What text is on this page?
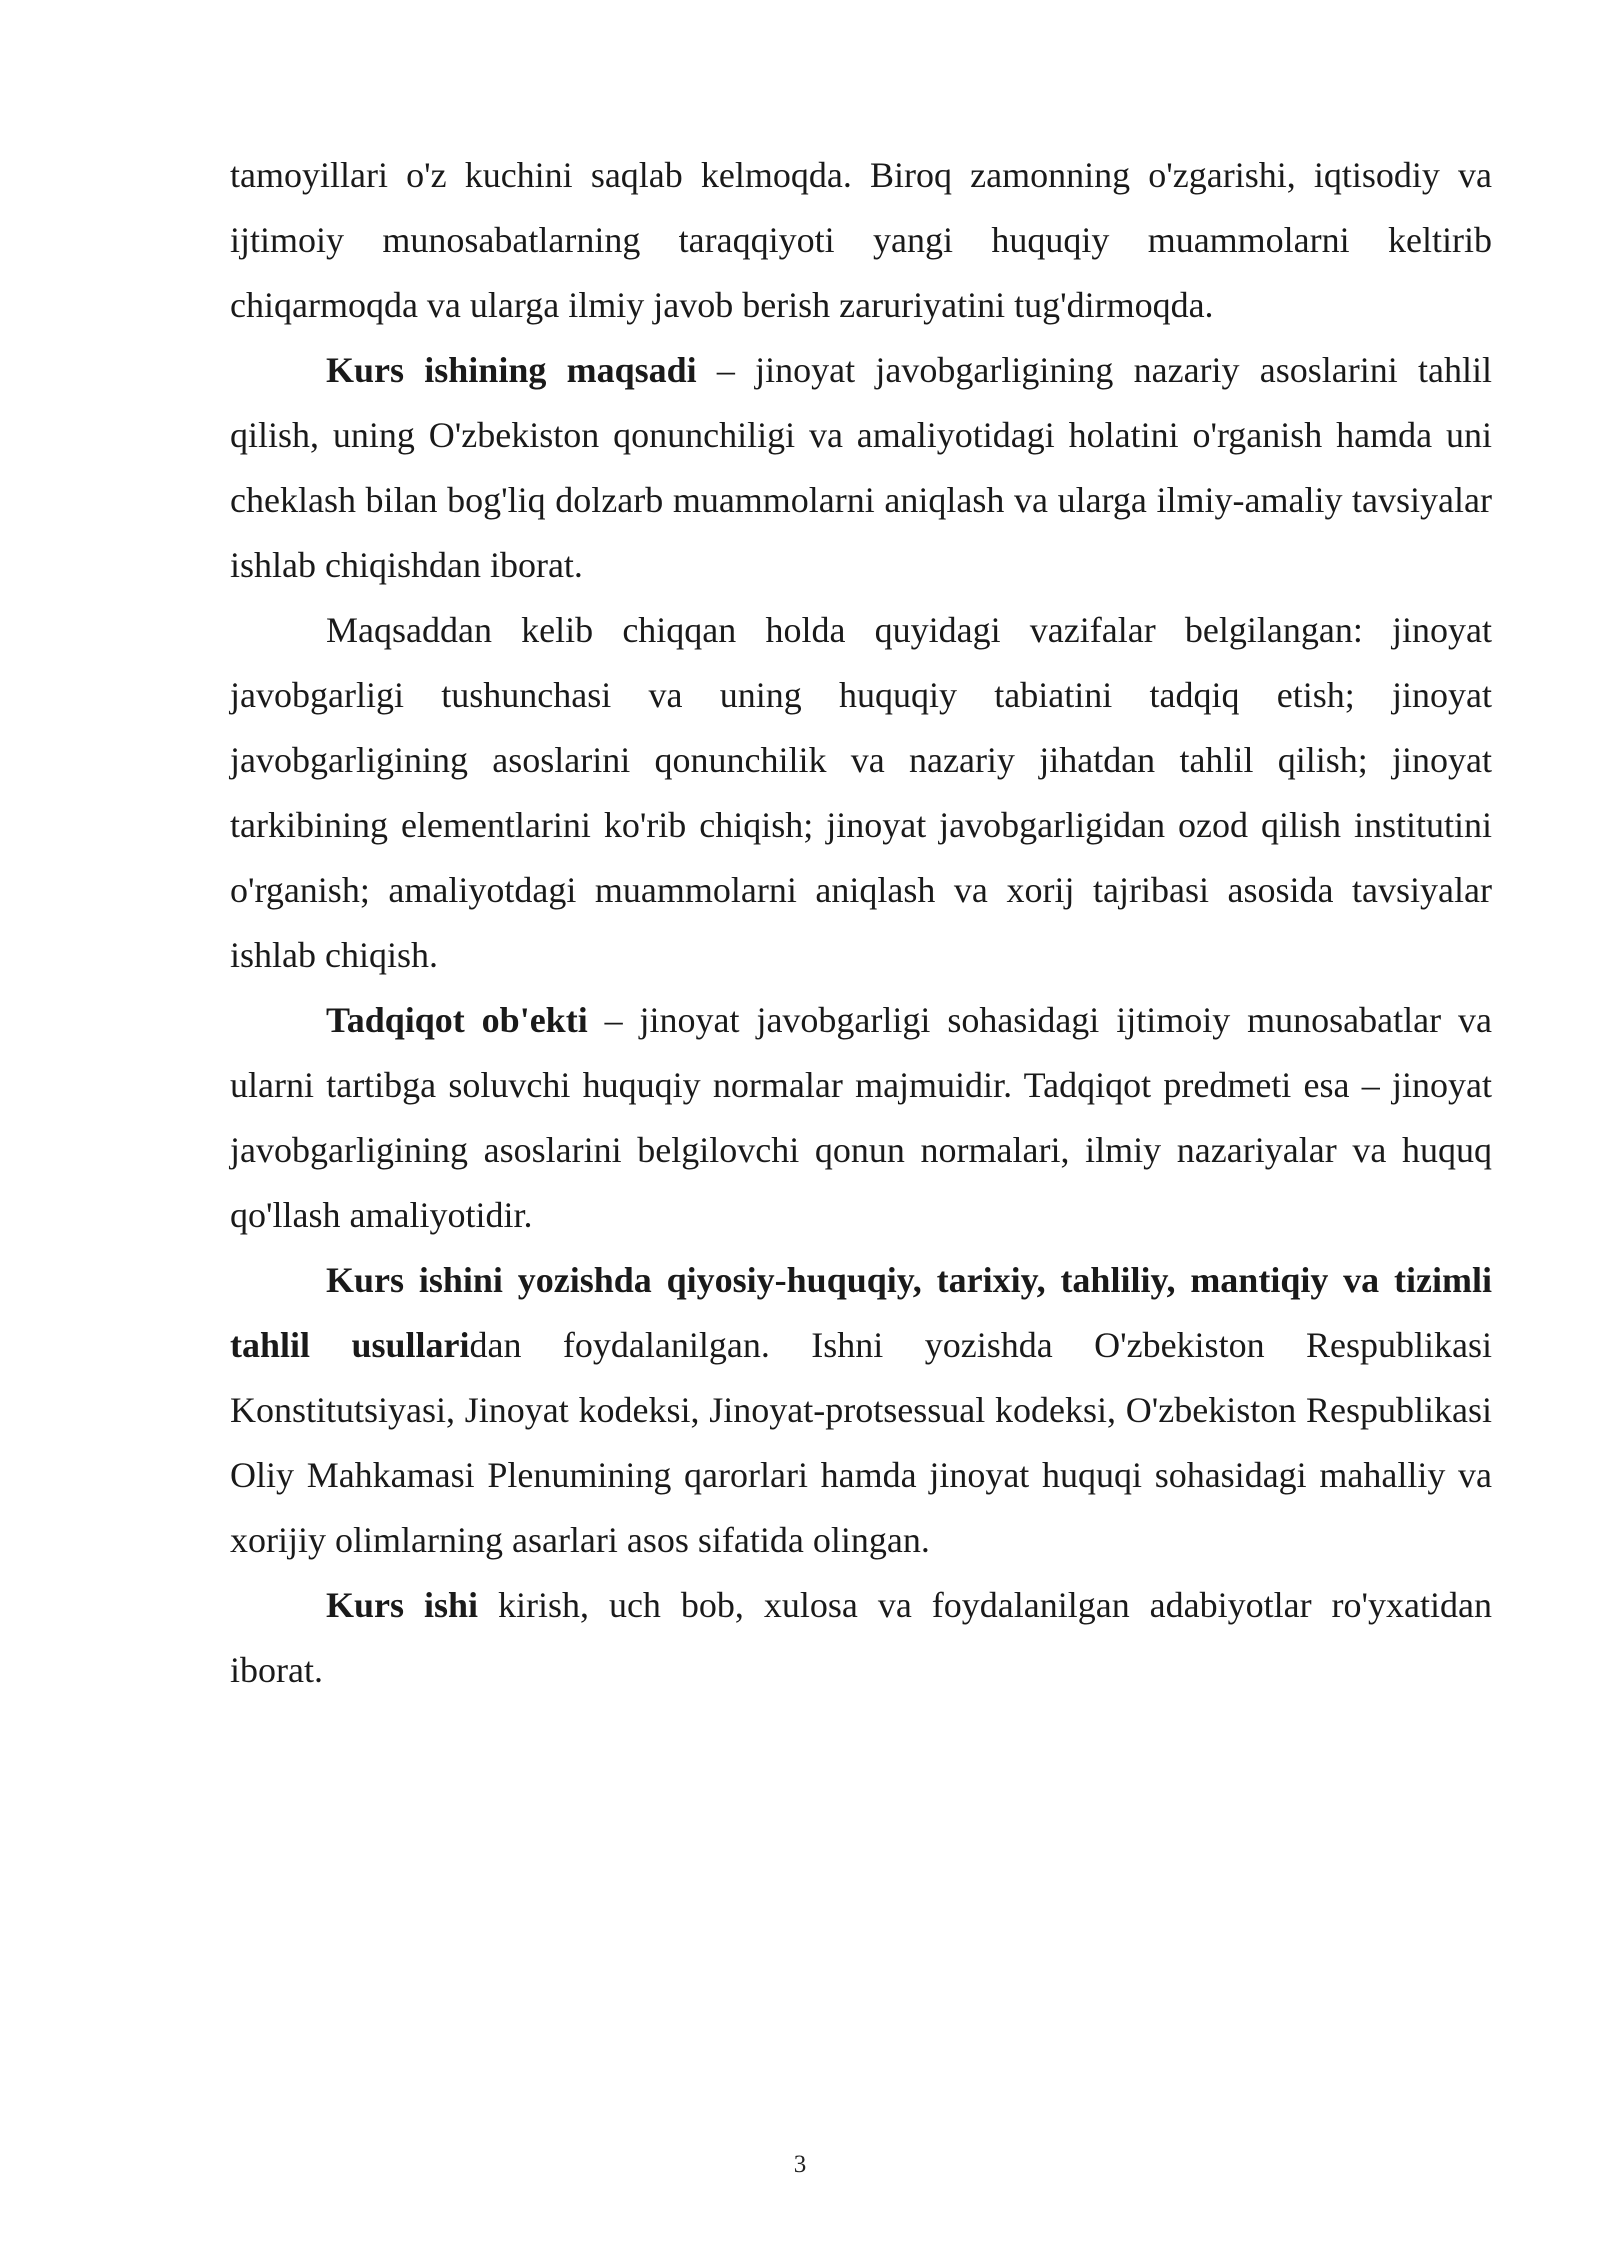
tamoyillari o'z kuchini saqlab kelmoqda. Biroq zamonning o'zgarishi, iqtisodiy va ijtimoiy munosabatlarning taraqqiyoti yangi huquqiy muammolarni keltirib chiqarmoqda va ularga ilmiy javob berish zaruriyatini tug'dirmoqda.

Kurs ishining maqsadi – jinoyat javobgarligining nazariy asoslarini tahlil qilish, uning O'zbekiston qonunchiligi va amaliyotidagi holatini o'rganish hamda uni cheklash bilan bog'liq dolzarb muammolarni aniqlash va ularga ilmiy-amaliy tavsiyalar ishlab chiqishdan iborat.

Maqsaddan kelib chiqqan holda quyidagi vazifalar belgilangan: jinoyat javobgarligi tushunchasi va uning huquqiy tabiatini tadqiq etish; jinoyat javobgarligining asoslarini qonunchilik va nazariy jihatdan tahlil qilish; jinoyat tarkibining elementlarini ko'rib chiqish; jinoyat javobgarligidan ozod qilish institutini o'rganish; amaliyotdagi muammolarni aniqlash va xorij tajribasi asosida tavsiyalar ishlab chiqish.

Tadqiqot ob'ekti – jinoyat javobgarligi sohasidagi ijtimoiy munosabatlar va ularni tartibga soluvchi huquqiy normalar majmuidir. Tadqiqot predmeti esa – jinoyat javobgarligining asoslarini belgilovchi qonun normalari, ilmiy nazariyalar va huquq qo'llash amaliyotidir.

Kurs ishini yozishda qiyosiy-huquqiy, tarixiy, tahliliy, mantiqiy va tizimli tahlil usullaridan foydalanilgan. Ishni yozishda O'zbekiston Respublikasi Konstitutsiyasi, Jinoyat kodeksi, Jinoyat-protsessual kodeksi, O'zbekiston Respublikasi Oliy Mahkamasi Plenumining qarorlari hamda jinoyat huquqi sohasidagi mahalliy va xorijiy olimlarning asarlari asos sifatida olingan.

Kurs ishi kirish, uch bob, xulosa va foydalanilgan adabiyotlar ro'yxatidan iborat.

3
